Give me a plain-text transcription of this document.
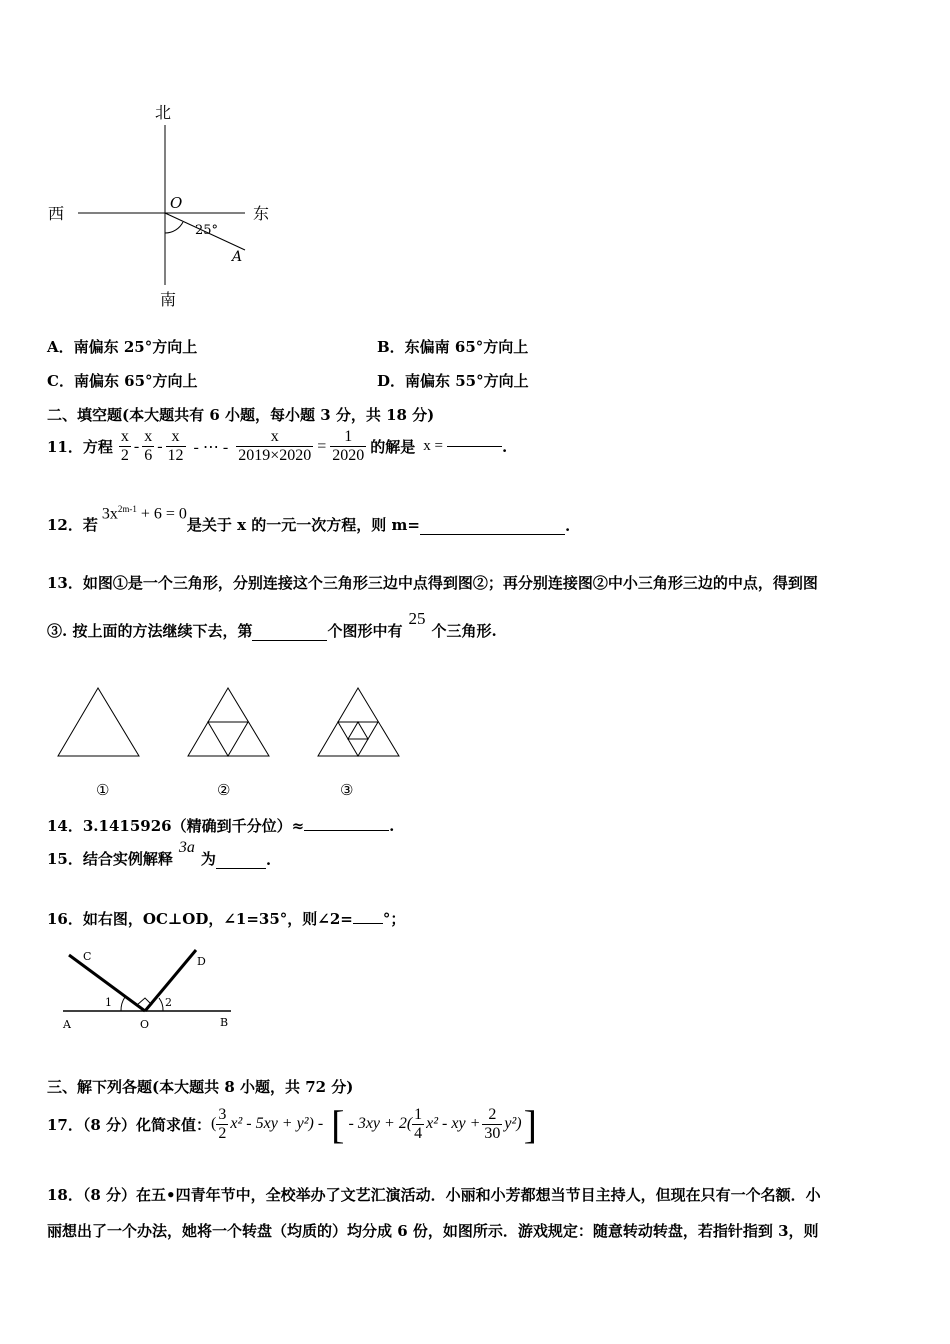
北
南
西	东
O
A
25°
A．南偏东 25°方向上	B．东偏南 65°方向上
C．南偏东 65°方向上	D．南偏东 55°方向上
二、填空题(本大题共有 6 小题，每小题 3 分，共 18 分)
11．方程 $\frac{x}{2} - \frac{x}{6} - \frac{x}{12}$ - ⋯ - $\frac{x}{2019\times 2020} = \frac{1}{2020}$ 的解是 x =	.
12．若
$3x^{2m-1} + 6 = 0$
是关于 x 的一元一次方程，则 m=	.
13．如图①是一个三角形，分别连接这个三角形三边中点得到图②；再分别连接图②中小三角形三边的中点，得到图
③. 按上面的方法继续下去，第	个图形中有
25
个三角形.
①	②	③
14．3.1415926（精确到千分位）≈	.
15．结合实例解释
3a
为	.
16．如右图，OC⊥OD，∠1=35°，则∠2= °；
C	D
A	O	B
1	2
三、解下列各题(本大题共 8 小题，共 72 分)
17．（8 分）化简求值： ( $\frac{3}{2} x^2 - 5xy + y^2$) - [ - $3xy + 2( \frac{1}{4} x^2$ - xy + $\frac{2}{30} y^2$) ]
18．（8 分）在五•四青年节中，全校举办了文艺汇演活动．小丽和小芳都想当节目主持人，但现在只有一个名额．小
丽想出了一个办法，她将一个转盘（均质的）均分成 6 份，如图所示．游戏规定：随意转动转盘，若指针指到 3，则
